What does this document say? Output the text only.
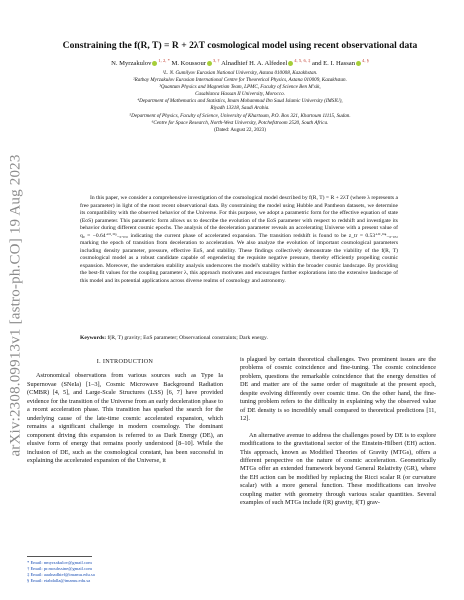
arXiv:2308.09913v1 [astro-ph.CO] 19 Aug 2023
Constraining the f(R, T) = R + 2λT cosmological model using recent observational data
N. Myrzakulov $^{1, 2, *}$ M. Koussour $^{3, \dagger}$ Alnadhief H. A. Alfedeel $^{4, 5, 6, \ddagger}$ and E. I. Hassan $^{4, \S}$
¹L. N. Gumilyov Eurasian National University, Astana 010008, Kazakhstan.
²Ratbay Myrzakulov Eurasian International Centre for Theoretical Physics, Astana 010009, Kazakhstan.
³Quantum Physics and Magnetism Team, LPMC, Faculty of Science Ben M'sik,
Casablanca Hassan II University, Morocco.
⁴Department of Mathematics and Statistics, Imam Mohammad Ibn Saud Islamic University (IMSIU),
Riyadh 13318, Saudi Arabia.
⁵Department of Physics, Faculty of Science, University of Khartoum, P.O. Box 321, Khartoum 11115, Sudan.
⁶Centre for Space Research, North-West University, Potchefstroom 2520, South Africa.
(Dated: August 22, 2023)

In this paper, we consider a comprehensive investigation of the cosmological model described by f(R, T) = R + 2λT (where λ represents a free parameter) in light of the most recent observational data. By constraining the model using Hubble and Pantheon datasets, we determine its compatibility with the observed behavior of the Universe. For this purpose, we adopt a parametric form for the effective equation of state (EoS) parameter. This parametric form allows us to describe the evolution of the EoS parameter with respect to redshift and investigate its behavior during different cosmic epochs. The analysis of the deceleration parameter reveals an accelerating Universe with a present value of q₀ = −0.64⁺⁰·⁰³₋₀.₀₃, indicating the current phase of accelerated expansion. The transition redshift is found to be z_tr = 0.53⁺⁰·⁰⁴₋₀.₀₃, marking the epoch of transition from deceleration to acceleration. We also analyze the evolution of important cosmological parameters including density parameter, pressure, effective EoS, and stability. These findings collectively demonstrate the viability of the f(R, T) cosmological model as a robust candidate capable of engendering the requisite negative pressure, thereby efficiently propelling cosmic expansion. Moreover, the undertaken stability analysis underscores the model's stability within the broader cosmic landscape. By providing the best-fit values for the coupling parameter λ, this approach motivates and encourages further explorations into the extensive landscape of this model and its potential applications across diverse realms of cosmology and astronomy.

Keywords: f(R, T) gravity; EoS parameter; Observational constraints; Dark energy.
I. INTRODUCTION

Astronomical observations from various sources such as Type Ia Supernovae (SNeIa) [1–3], Cosmic Microwave Background Radiation (CMBR) [4, 5], and Large-Scale Structures (LSS) [6, 7] have provided evidence for the transition of the Universe from an early deceleration phase to a recent acceleration phase. This transition has sparked the search for the underlying cause of the late-time cosmic accelerated expansion, which remains a significant challenge in modern cosmology. The dominant component driving this expansion is referred to as Dark Energy (DE), an elusive form of energy that remains poorly understood [8–10]. While the inclusion of DE, such as the cosmological constant, has been successful in explaining the accelerated expansion of the Universe, it

is plagued by certain theoretical challenges. Two prominent issues are the problems of cosmic coincidence and fine-tuning. The cosmic coincidence problem, questions the remarkable coincidence that the energy densities of DE and matter are of the same order of magnitude at the present epoch, despite evolving differently over cosmic time. On the other hand, the fine-tuning problem refers to the difficulty in explaining why the observed value of DE density is so incredibly small compared to theoretical predictions [11, 12].

An alternative avenue to address the challenges posed by DE is to explore modifications to the gravitational sector of the Einstein-Hilbert (EH) action. This approach, known as Modified Theories of Gravity (MTGs), offers a different perspective on the nature of cosmic acceleration. Geometrically MTGs offer an extended framework beyond General Relativity (GR), where the EH action can be modified by replacing the Ricci scalar R (or curvature scalar) with a more general function. These modifications can involve coupling matter with geometry through various scalar quantities. Several examples of such MTGs include f(R) gravity, f(T) grav-

* Email: nmyrzakulov@gmail.com
† Email: pr.mouhssine@gmail.com
‡ Email: aaalnadhief@imamu.edu.sa
§ Email: eiabdalla@imamu.edu.sa
